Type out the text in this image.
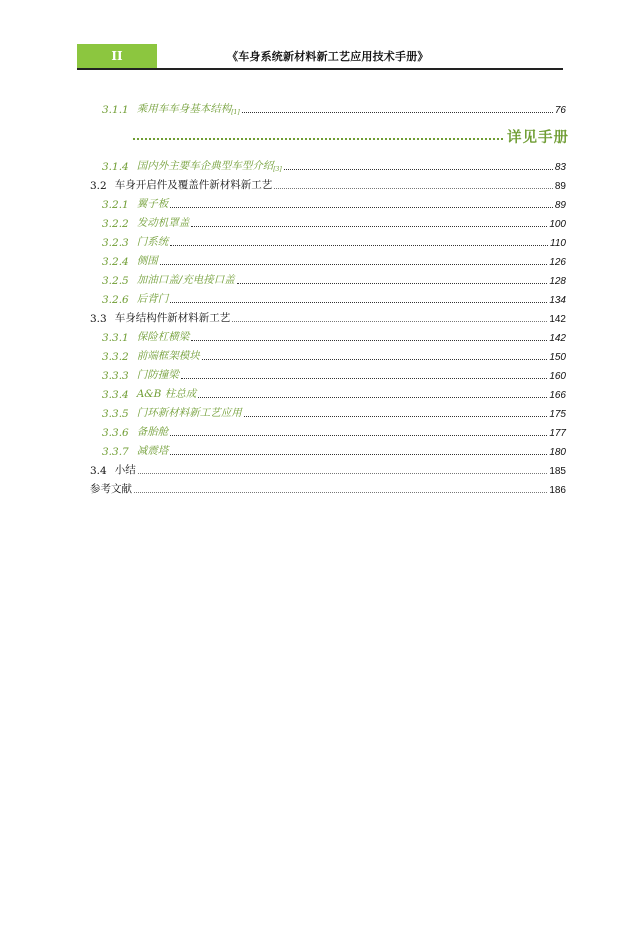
II	《车身系统新材料新工艺应用技术手册》
3.1.1 乘用车车身基本结构 [1]	76
详见手册
3.1.4 国内外主要车企典型车型介绍 [3]	83
3.2 车身开启件及覆盖件新材料新工艺	89
3.2.1 翼子板	89
3.2.2 发动机罩盖	100
3.2.3 门系统	110
3.2.4 侧围	126
3.2.5 加油口盖/充电接口盖	128
3.2.6 后背门	134
3.3 车身结构件新材料新工艺	142
3.3.1 保险杠横梁	142
3.3.2 前端框架模块	150
3.3.3 门防撞梁	160
3.3.4 A&B 柱总成	166
3.3.5 门环新材料新工艺应用	175
3.3.6 备胎舱	177
3.3.7 减震塔	180
3.4 小结	185
参考文献	186
